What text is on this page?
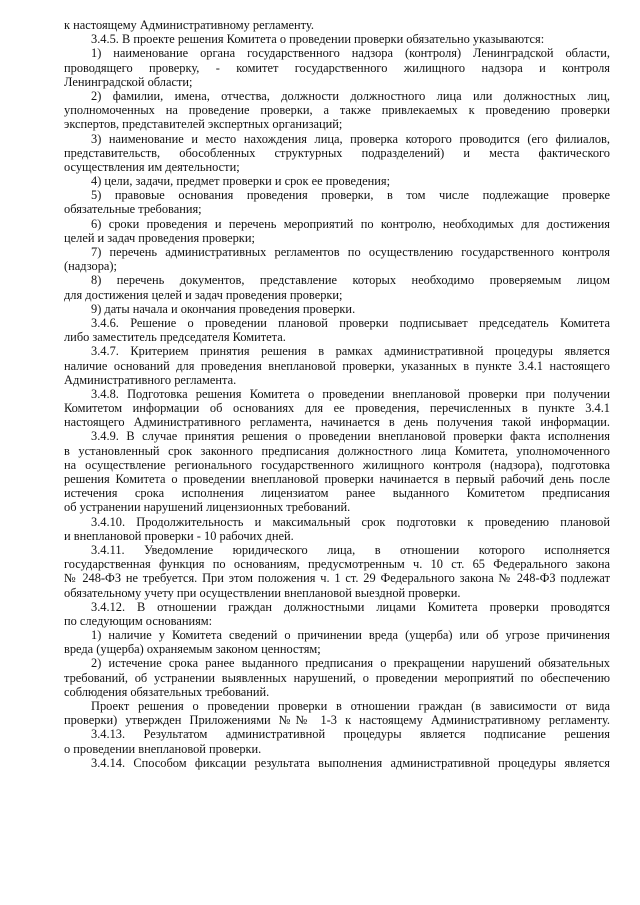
к настоящему Административному регламенту.
3.4.5. В проекте решения Комитета о проведении проверки обязательно указываются:
1) наименование органа государственного надзора (контроля) Ленинградской области,
проводящего проверку, - комитет государственного жилищного надзора и контроля
Ленинградской области;
2) фамилии, имена, отчества, должности должностного лица или должностных лиц,
уполномоченных на проведение проверки, а также привлекаемых к проведению проверки
экспертов, представителей экспертных организаций;
3) наименование и место нахождения лица, проверка которого проводится (его филиалов,
представительств, обособленных структурных подразделений) и места фактического
осуществления им деятельности;
4) цели, задачи, предмет проверки и срок ее проведения;
5) правовые основания проведения проверки, в том числе подлежащие проверке
обязательные требования;
6) сроки проведения и перечень мероприятий по контролю, необходимых для достижения
целей и задач проведения проверки;
7) перечень административных регламентов по осуществлению государственного контроля
(надзора);
8) перечень документов, представление которых необходимо проверяемым лицом
для достижения целей и задач проведения проверки;
9) даты начала и окончания проведения проверки.
3.4.6. Решение о проведении плановой проверки подписывает председатель Комитета
либо заместитель председателя Комитета.
3.4.7. Критерием принятия решения в рамках административной процедуры является
наличие оснований для проведения внеплановой проверки, указанных в пункте 3.4.1 настоящего
Административного регламента.
3.4.8. Подготовка решения Комитета о проведении внеплановой проверки при получении
Комитетом информации об основаниях для ее проведения, перечисленных в пункте 3.4.1
настоящего Административного регламента, начинается в день получения такой информации.
3.4.9. В случае принятия решения о проведении внеплановой проверки факта исполнения
в установленный срок законного предписания должностного лица Комитета, уполномоченного
на осуществление регионального государственного жилищного контроля (надзора), подготовка
решения Комитета о проведении внеплановой проверки начинается в первый рабочий день после
истечения срока исполнения лицензиатом ранее выданного Комитетом предписания
об устранении нарушений лицензионных требований.
3.4.10. Продолжительность и максимальный срок подготовки к проведению плановой
и внеплановой проверки - 10 рабочих дней.
3.4.11. Уведомление юридического лица, в отношении которого исполняется
государственная функция по основаниям, предусмотренным ч. 10 ст. 65 Федерального закона
№ 248-ФЗ не требуется. При этом положения ч. 1 ст. 29 Федерального закона № 248-ФЗ подлежат
обязательному учету при осуществлении внеплановой выездной проверки.
3.4.12. В отношении граждан должностными лицами Комитета проверки проводятся
по следующим основаниям:
1) наличие у Комитета сведений о причинении вреда (ущерба) или об угрозе причинения
вреда (ущерба) охраняемым законом ценностям;
2) истечение срока ранее выданного предписания о прекращении нарушений обязательных
требований, об устранении выявленных нарушений, о проведении мероприятий по обеспечению
соблюдения обязательных требований.
Проект решения о проведении проверки в отношении граждан (в зависимости от вида
проверки) утвержден Приложениями №№ 1-3 к настоящему Административному регламенту.
3.4.13. Результатом административной процедуры является подписание решения
о проведении внеплановой проверки.
3.4.14. Способом фиксации результата выполнения административной процедуры является
